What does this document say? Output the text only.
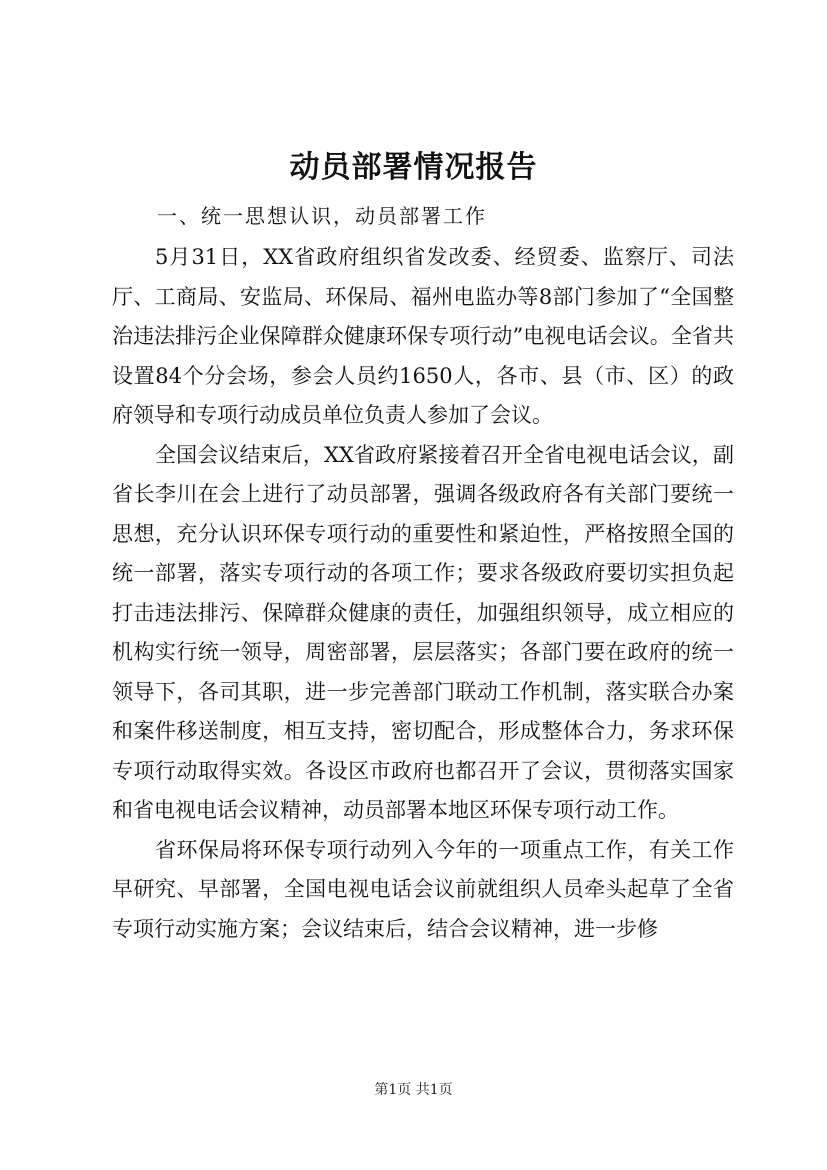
动员部署情况报告
一、统一思想认识，动员部署工作

5月31日，XX省政府组织省发改委、经贸委、监察厅、司法厅、工商局、安监局、环保局、福州电监办等8部门参加了“全国整治违法排污企业保障群众健康环保专项行动”电视电话会议。全省共设置84个分会场，参会人员约1650人，各市、县（市、区）的政府领导和专项行动成员单位负责人参加了会议。

全国会议结束后，XX省政府紧接着召开全省电视电话会议，副省长李川在会上进行了动员部署，强调各级政府各有关部门要统一思想，充分认识环保专项行动的重要性和紧迫性，严格按照全国的统一部署，落实专项行动的各项工作；要求各级政府要切实担负起打击违法排污、保障群众健康的责任，加强组织领导，成立相应的机构实行统一领导，周密部署，层层落实；各部门要在政府的统一领导下，各司其职，进一步完善部门联动工作机制，落实联合办案和案件移送制度，相互支持，密切配合，形成整体合力，务求环保专项行动取得实效。各设区市政府也都召开了会议，贯彻落实国家和省电视电话会议精神，动员部署本地区环保专项行动工作。

省环保局将环保专项行动列入今年的一项重点工作，有关工作早研究、早部署，全国电视电话会议前就组织人员牵头起草了全省专项行动实施方案；会议结束后，结合会议精神，进一步修

第1页 共1页
